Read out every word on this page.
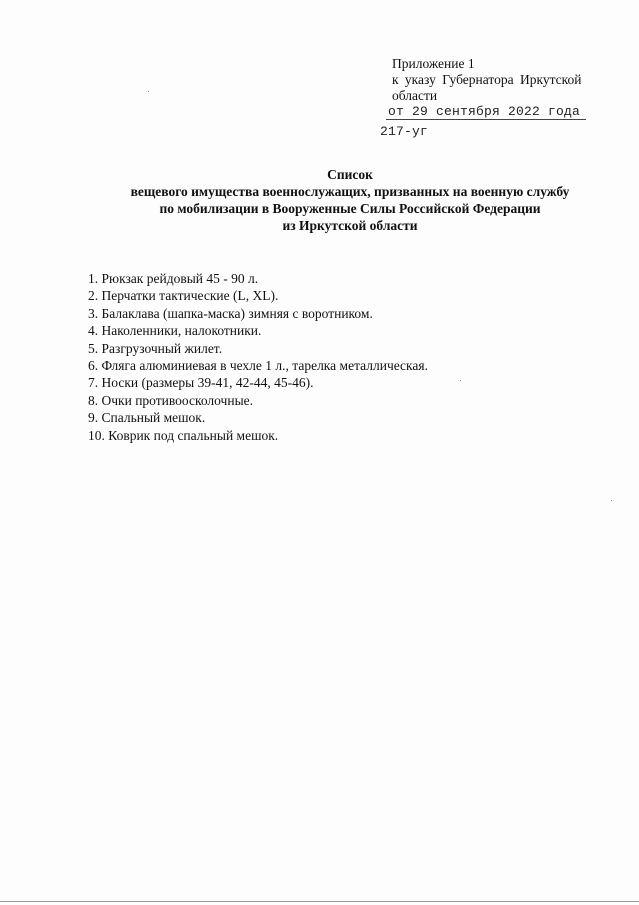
Приложение 1
к указу Губернатора Иркутской
области
от 29 сентября 2022 года
217-уг
Список
вещевого имущества военнослужащих, призванных на военную службу
по мобилизации в Вооруженные Силы Российской Федерации
из Иркутской области
1. Рюкзак рейдовый 45 - 90 л.
2. Перчатки тактические (L, XL).
3. Балаклава (шапка-маска) зимняя с воротником.
4. Наколенники, налокотники.
5. Разгрузочный жилет.
6. Фляга алюминиевая в чехле 1 л., тарелка металлическая.
7. Носки (размеры 39-41, 42-44, 45-46).
8. Очки противоосколочные.
9. Спальный мешок.
10. Коврик под спальный мешок.
